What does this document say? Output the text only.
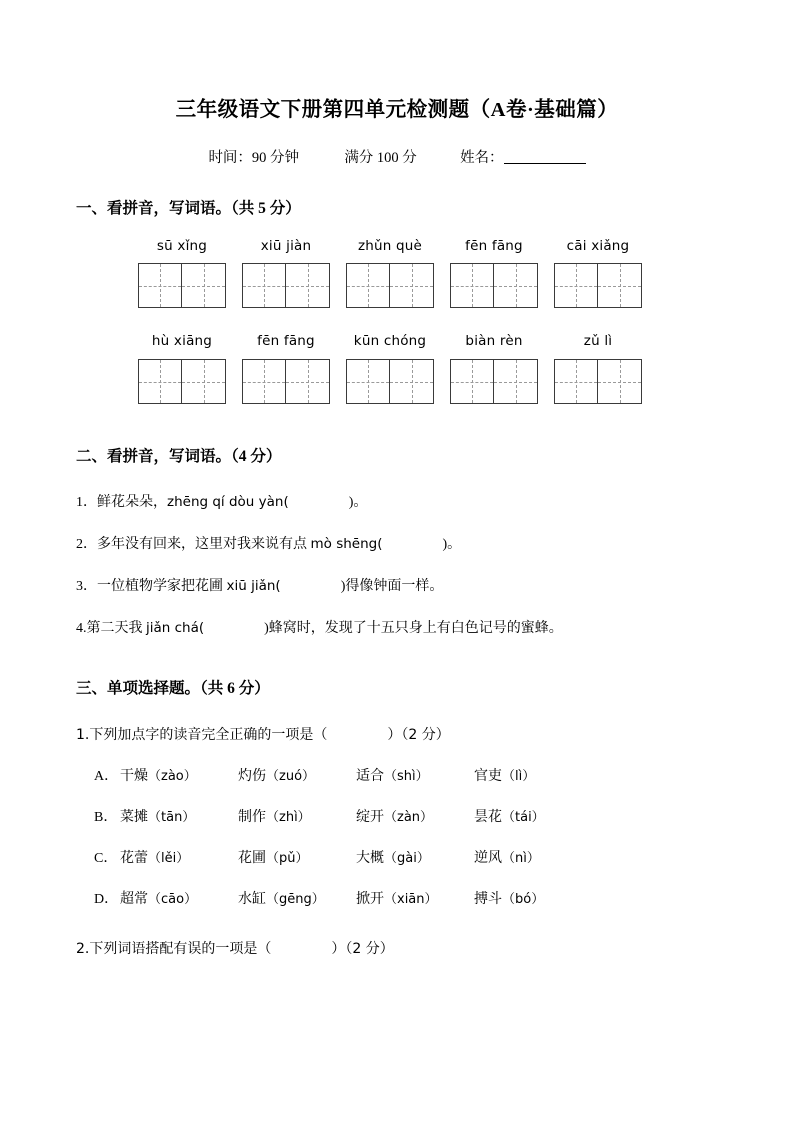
三年级语文下册第四单元检测题（A卷·基础篇）
时间：90 分钟	满分 100 分	姓名：
一、看拼音，写词语。（共 5 分）
sū xǐng	xiū jiàn	zhǔn què	fēn fāng	cāi xiǎng
hù xiāng	fēn fāng	kūn chóng	biàn rèn	zǔ lì
二、看拼音，写词语。（4 分）
1．鲜花朵朵，zhēng qí dòu yàn(	)。
2．多年没有回来，这里对我来说有点 mò shēng(	)。
3．一位植物学家把花圃 xiū jiǎn(	)得像钟面一样。
4.第二天我 jiǎn chá(	)蜂窝时，发现了十五只身上有白色记号的蜜蜂。
三、单项选择题。（共 6 分）
1.下列加点字的读音完全正确的一项是（	）（2 分）
A． 干燥（zào）	灼伤（zuó）	适合（shì）	官吏（lì）
B． 菜摊（tān）	制作（zhì）	绽开（zàn）	昙花（tái）
C． 花蕾（lěi）	花圃（pǔ）	大概（gài）	逆风（nì）
D． 超常（cāo）	水缸（gēng）	掀开（xiān）	搏斗（bó）
2.下列词语搭配有误的一项是（	）（2 分）
